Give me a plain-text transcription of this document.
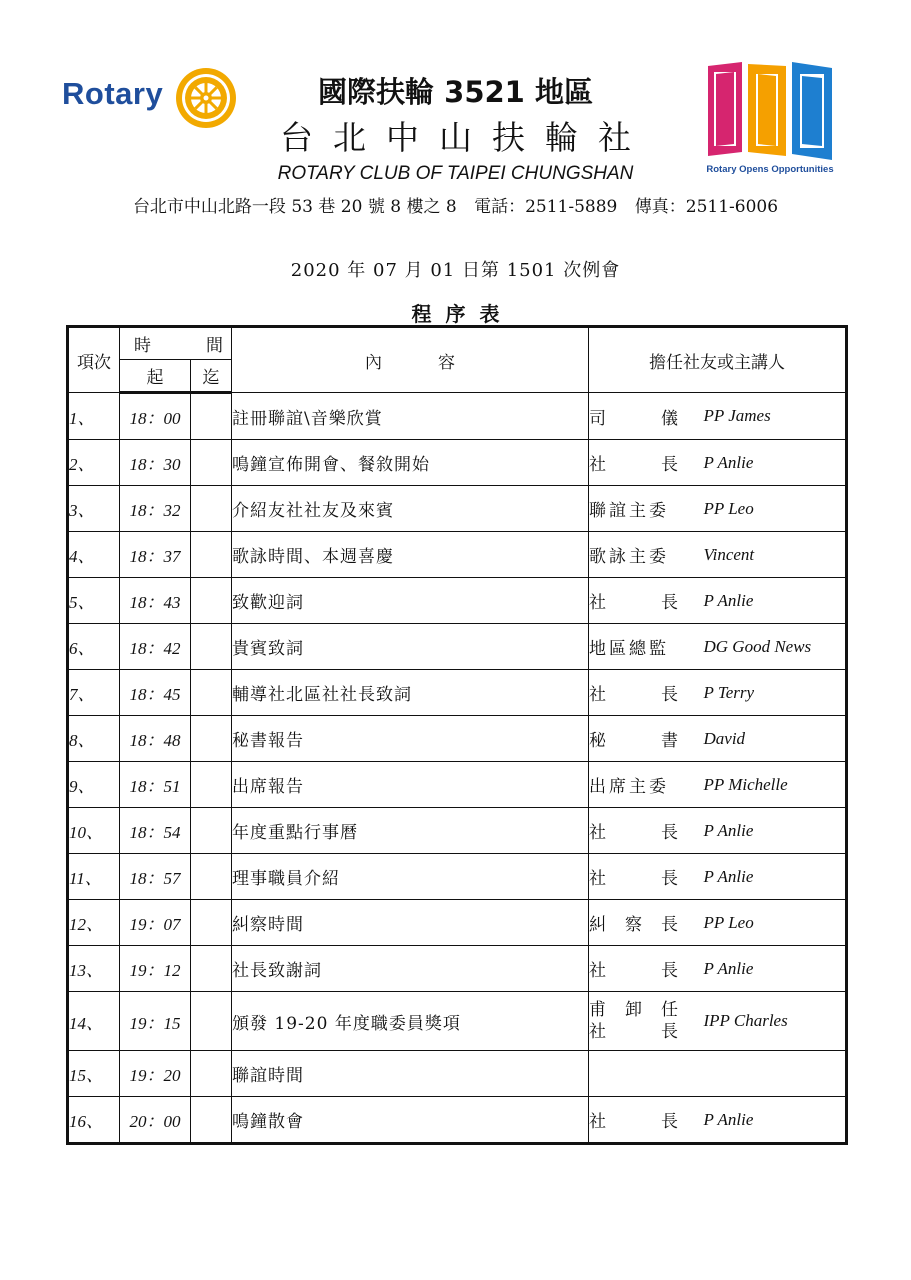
Rotary
Rotary Opens Opportunities
國際扶輪 3521 地區
台北中山扶輪社
ROTARY CLUB OF TAIPEI CHUNGSHAN
台北市中山北路一段 53 巷 20 號 8 樓之 8 電話：2511-5889 傳真：2511-6006
2020 年 07 月 01 日第 1501 次例會
程序表
項次	時 間		內 容	擔任社友或主講人	
	起	迄			
1、	18：00		註冊聯誼\音樂欣賞	司 儀	PP James
2、	18：30		鳴鐘宣佈開會、餐敘開始	社 長	P Anlie
3、	18：32		介紹友社社友及來賓	聯誼主委	PP Leo
4、	18：37		歌詠時間、本週喜慶	歌詠主委	Vincent
5、	18：43		致歡迎詞	社 長	P Anlie
6、	18：42		貴賓致詞	地區總監	DG Good News
7、	18：45		輔導社北區社社長致詞	社 長	P Terry
8、	18：48		秘書報告	秘 書	David
9、	18：51		出席報告	出席主委	PP Michelle
10、	18：54		年度重點行事曆	社 長	P Anlie
11、	18：57		理事職員介紹	社 長	P Anlie
12、	19：07		糾察時間	糾 察 長	PP Leo
13、	19：12		社長致謝詞	社 長	P Anlie
14、	19：15		頒發 19-20 年度職委員獎項	甫 卸 任
社 長	IPP Charles
15、	19：20		聯誼時間		
16、	20：00		鳴鐘散會	社 長	P Anlie
